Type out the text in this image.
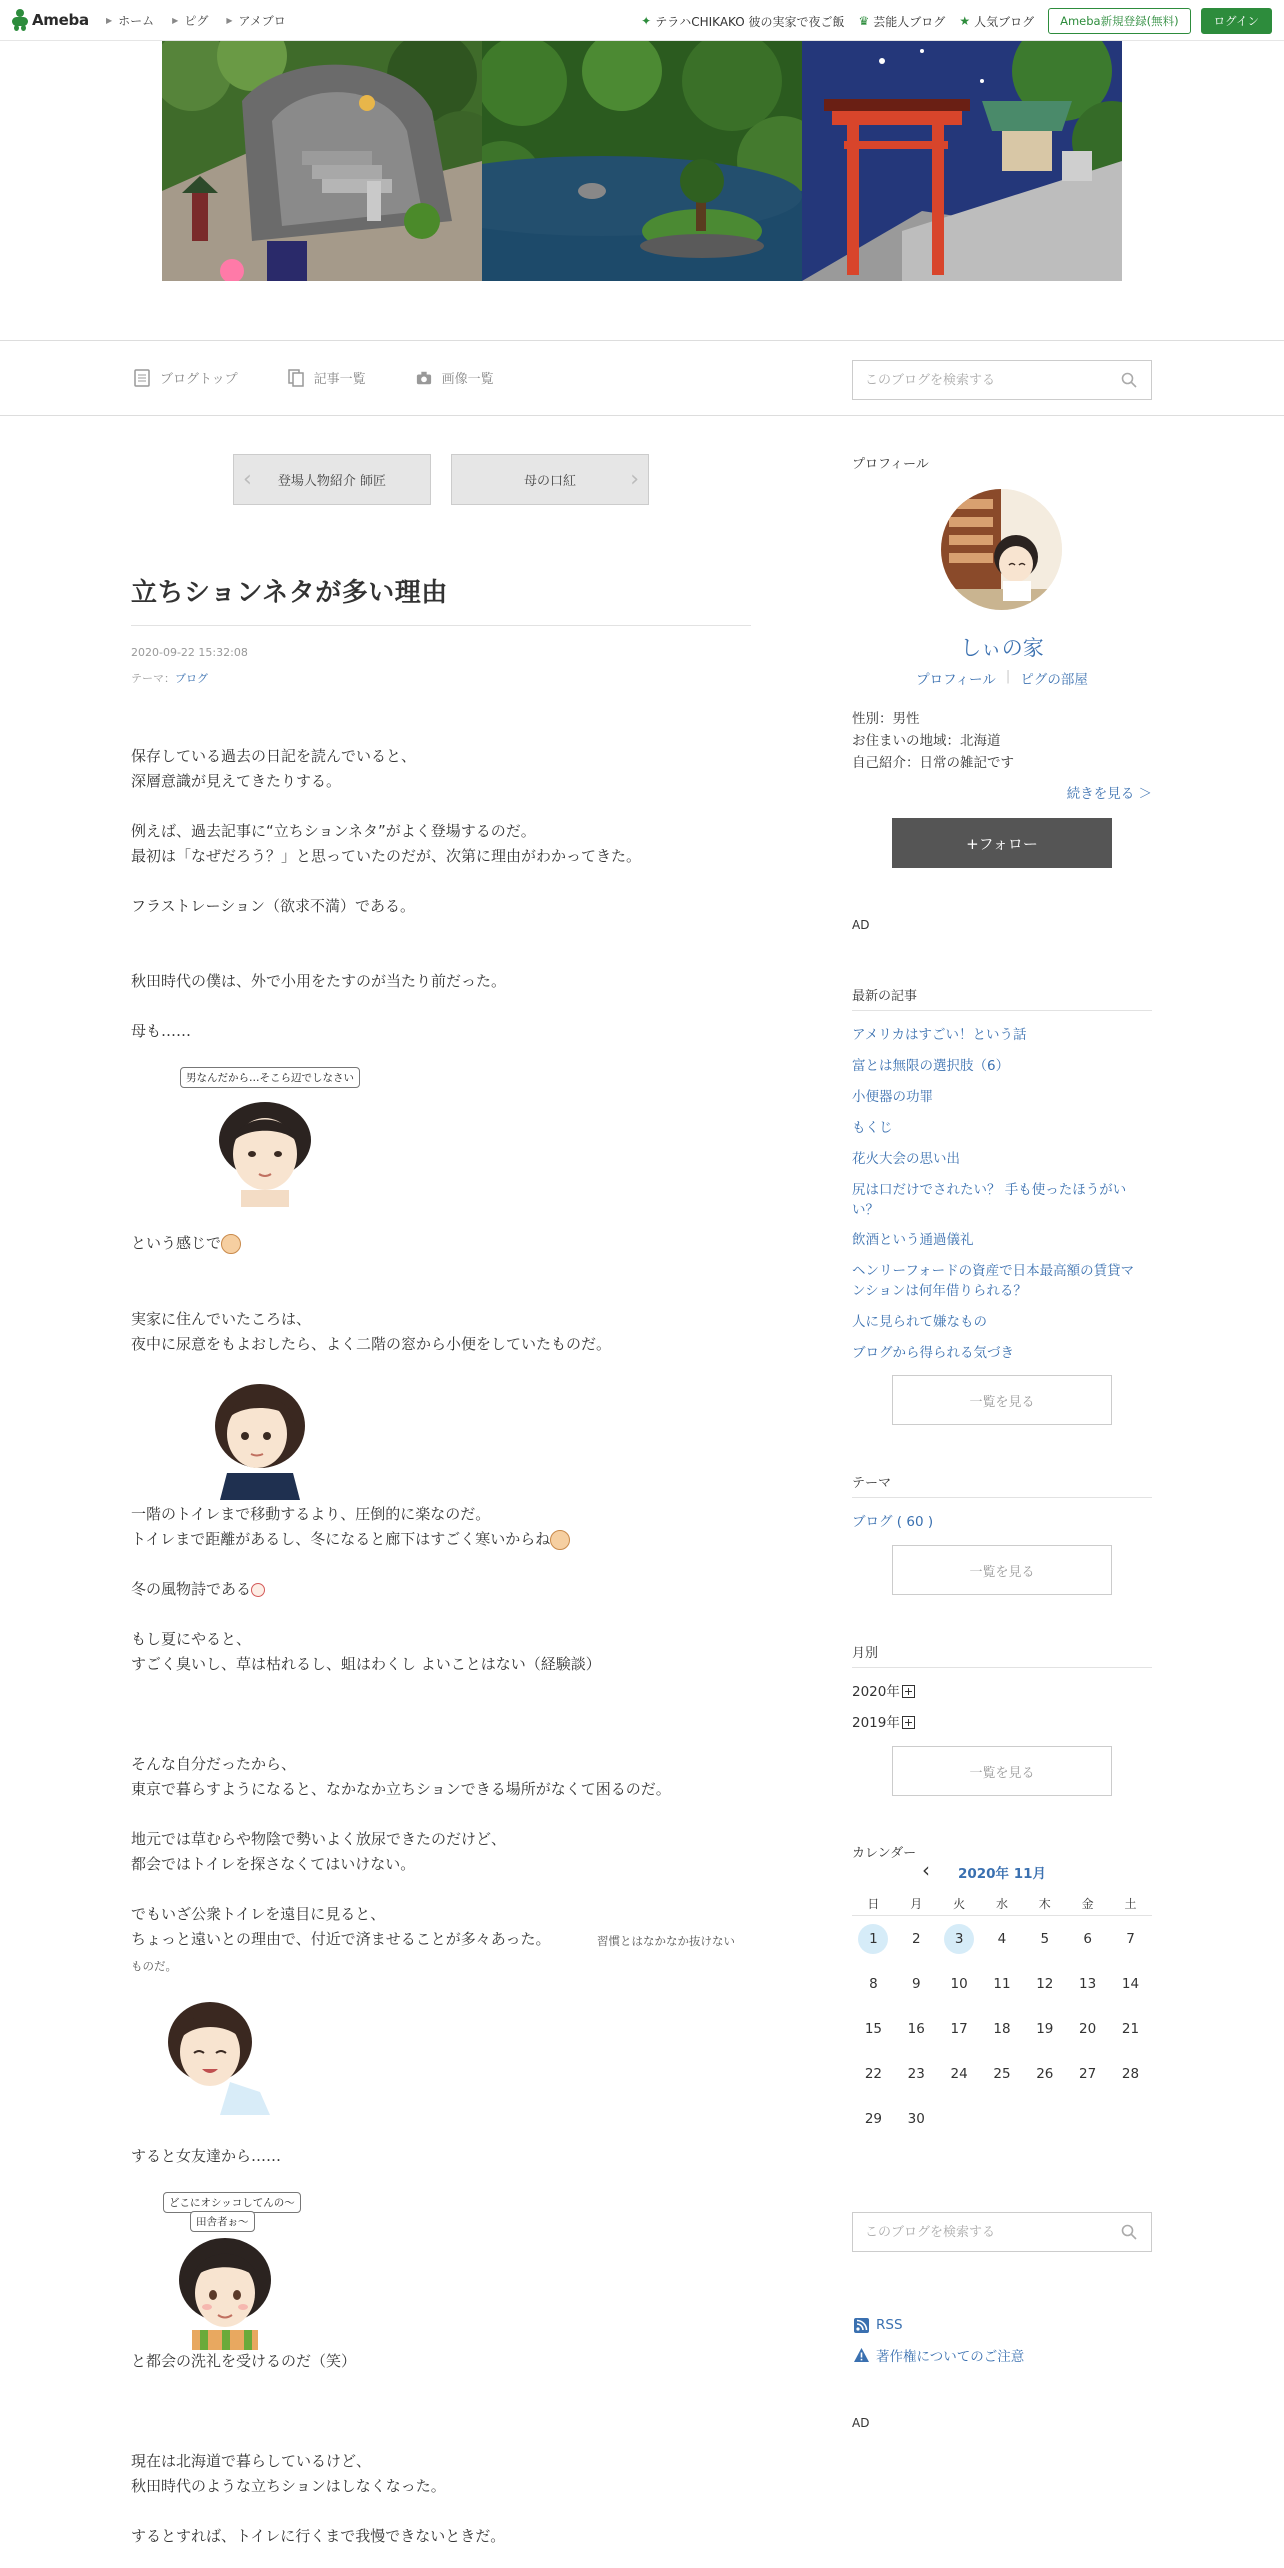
Ameba ▶ ホーム ▶ ピグ ▶ アメブロ	✦ テラハCHIKAKO 彼の実家で夜ご飯 ♛ 芸能人ブログ ★ 人気ブログ	Ameba新規登録(無料)	ログイン
ブログトップ	記事一覧	画像一覧
このブログを検索する
‹ 登場人物紹介 師匠	母の口紅 ›
立ちションネタが多い理由
2020-09-22 15:32:08
テーマ：ブログ
保存している過去の日記を読んでいると、
深層意識が見えてきたりする。
例えば、過去記事に“立ちションネタ”がよく登場するのだ。
最初は「なぜだろう？」と思っていたのだが、次第に理由がわかってきた。
フラストレーション（欲求不満）である。
秋田時代の僕は、外で小用をたすのが当たり前だった。
母も……
男なんだから…そこら辺でしなさい
という感じで
実家に住んでいたころは、
夜中に尿意をもよおしたら、よく二階の窓から小便をしていたものだ。
一階のトイレまで移動するより、圧倒的に楽なのだ。
トイレまで距離があるし、冬になると廊下はすごく寒いからね
冬の風物詩である
もし夏にやると、
すごく臭いし、草は枯れるし、蛆はわくし よいことはない（経験談）
そんな自分だったから、
東京で暮らすようになると、なかなか立ちションできる場所がなくて困るのだ。
地元では草むらや物陰で勢いよく放尿できたのだけど、
都会ではトイレを探さなくてはいけない。
でもいざ公衆トイレを遠目に見ると、
ちょっと遠いとの理由で、付近で済ませることが多々あった。	習慣とはなかなか抜けない
ものだ。
すると女友達から……
どこにオシッコしてんの〜
田舎者ぉ〜
と都会の洗礼を受けるのだ（笑）
現在は北海道で暮らしているけど、
秋田時代のような立ちションはしなくなった。
するとすれば、トイレに行くまで我慢できないときだ。
プロフィール
しぃの家
プロフィール | ピグの部屋
性別：男性
お住まいの地域：北海道
自己紹介：日常の雑記です
続きを見る ＞
+フォロー
AD
最新の記事
アメリカはすごい！という話
富とは無限の選択肢（6）
小便器の功罪
もくじ
花火大会の思い出
尻は口だけでされたい？ 手も使ったほうがい
い？
飲酒という通過儀礼
ヘンリーフォードの資産で日本最高額の賃貸マ
ンションは何年借りられる？
人に見られて嫌なもの
ブログから得られる気づき
一覧を見る
テーマ
ブログ ( 60 )
一覧を見る
月別
2020年
2019年
一覧を見る
カレンダー
‹	2020年 11月
日	月	火	水	木	金	土
1	2	3	4	5	6	7
8	9	10	11	12	13	14
15	16	17	18	19	20	21
22	23	24	25	26	27	28
29	30
このブログを検索する
RSS
著作権についてのご注意
AD
